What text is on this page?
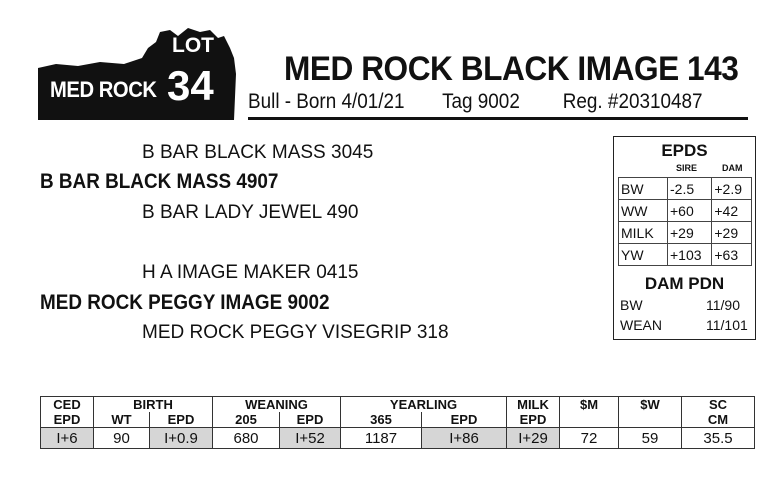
MED ROCK
LOT
34 MED ROCK BLACK IMAGE 143
Bull - Born 4/01/21 Tag 9002 Reg. #20310487
B BAR BLACK MASS 3045
B BAR BLACK MASS 4907
B BAR LADY JEWEL 490
H A IMAGE MAKER 0415
MED ROCK PEGGY IMAGE 9002
MED ROCK PEGGY VISEGRIP 318
EPDS
SIRE	DAM
BW	-2.5	+2.9
WW	+60	+42
MILK	+29	+29
YW	+103	+63
DAM PDN
BW	11/90
WEAN	11/101
CED	BIRTH		WEANING		YEARLING		MILK	$M	$W	SC
EPD	WT	EPD	205	EPD	365	EPD	EPD			CM
I+6	90	I+0.9	680	I+52	1187	I+86	I+29	72	59	35.5
